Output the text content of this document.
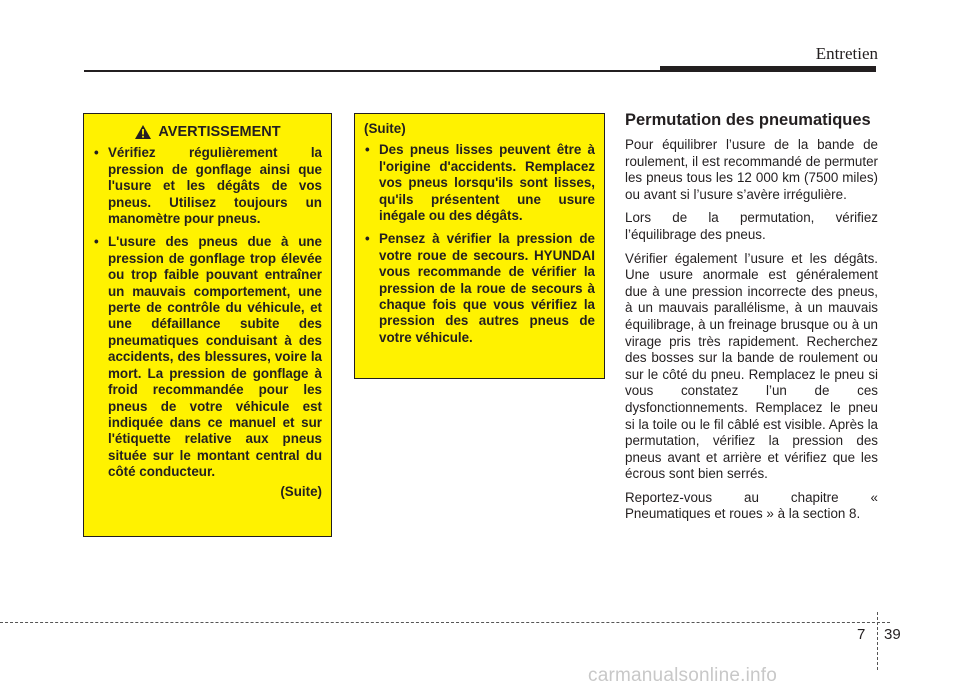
Entretien
AVERTISSEMENT
• Vérifiez régulièrement la pression de gonflage ainsi que l'usure et les dégâts de vos pneus. Utilisez toujours un manomètre pour pneus.
• L'usure des pneus due à une pression de gonflage trop élevée ou trop faible pouvant entraîner un mauvais comportement, une perte de contrôle du véhicule, et une défaillance subite des pneumatiques conduisant à des accidents, des blessures, voire la mort. La pression de gonflage à froid recommandée pour les pneus de votre véhicule est indiquée dans ce manuel et sur l'étiquette relative aux pneus située sur le montant central du côté conducteur.
(Suite)
(Suite)
• Des pneus lisses peuvent être à l'origine d'accidents. Remplacez vos pneus lorsqu'ils sont lisses, qu'ils présentent une usure inégale ou des dégâts.
• Pensez à vérifier la pression de votre roue de secours. HYUNDAI vous recommande de vérifier la pression de la roue de secours à chaque fois que vous vérifiez la pression des autres pneus de votre véhicule.
Permutation des pneumatiques

Pour équilibrer l’usure de la bande de roulement, il est recommandé de permuter les pneus tous les 12 000 km (7500 miles) ou avant si l’usure s’avère irrégulière.

Lors de la permutation, vérifiez l’équilibrage des pneus.

Vérifier également l’usure et les dégâts. Une usure anormale est généralement due à une pression incorrecte des pneus, à un mauvais parallélisme, à un mauvais équilibrage, à un freinage brusque ou à un virage pris très rapidement. Recherchez des bosses sur la bande de roulement ou sur le côté du pneu. Remplacez le pneu si vous constatez l’un de ces dysfonctionnements. Remplacez le pneu si la toile ou le fil câblé est visible. Après la permutation, vérifiez la pression des pneus avant et arrière et vérifiez que les écrous sont bien serrés.

Reportez-vous au chapitre « Pneumatiques et roues » à la section 8.

7 39
carmanualsonline.info
